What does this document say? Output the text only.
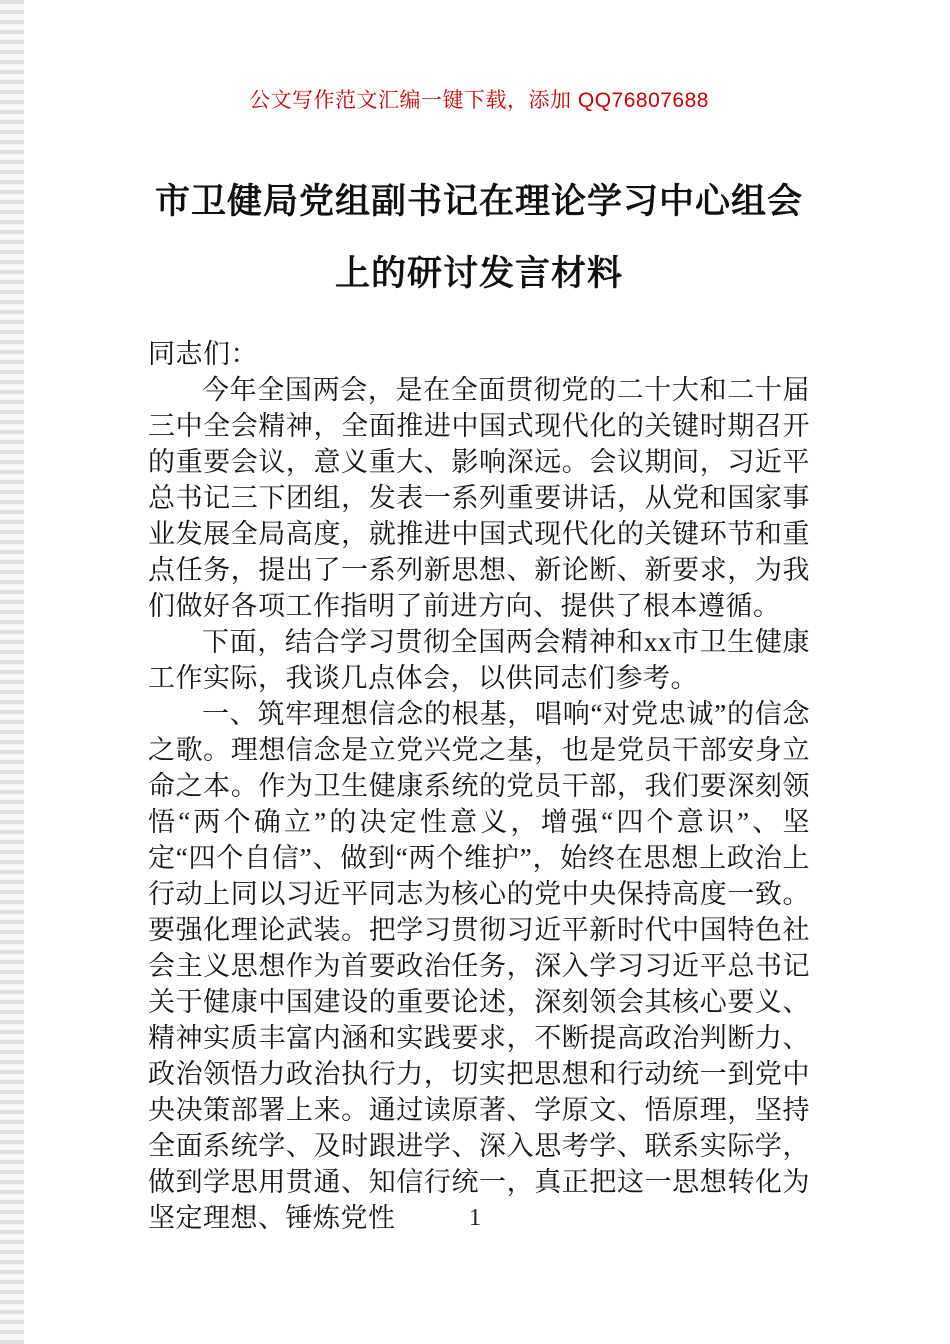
公文写作范文汇编一键下载，添加 QQ76807688
市卫健局党组副书记在理论学习中心组会
上的研讨发言材料

同志们：

今年全国两会，是在全面贯彻党的二十大和二十届三中全会精神，全面推进中国式现代化的关键时期召开的重要会议，意义重大、影响深远。会议期间，习近平总书记三下团组，发表一系列重要讲话，从党和国家事业发展全局高度，就推进中国式现代化的关键环节和重点任务，提出了一系列新思想、新论断、新要求，为我们做好各项工作指明了前进方向、提供了根本遵循。

下面，结合学习贯彻全国两会精神和xx市卫生健康工作实际，我谈几点体会，以供同志们参考。

一、筑牢理想信念的根基，唱响“对党忠诚”的信念之歌。理想信念是立党兴党之基，也是党员干部安身立命之本。作为卫生健康系统的党员干部，我们要深刻领悟“两个确立”的决定性意义，增强“四个意识”、坚定“四个自信”、做到“两个维护”，始终在思想上政治上行动上同以习近平同志为核心的党中央保持高度一致。要强化理论武装。把学习贯彻习近平新时代中国特色社会主义思想作为首要政治任务，深入学习习近平总书记关于健康中国建设的重要论述，深刻领会其核心要义、精神实质丰富内涵和实践要求，不断提高政治判断力、政治领悟力政治执行力，切实把思想和行动统一到党中央决策部署上来。通过读原著、学原文、悟原理，坚持全面系统学、及时跟进学、深入思考学、联系实际学，做到学思用贯通、知信行统一，真正把这一思想转化为坚定理想、锤炼党性	1
